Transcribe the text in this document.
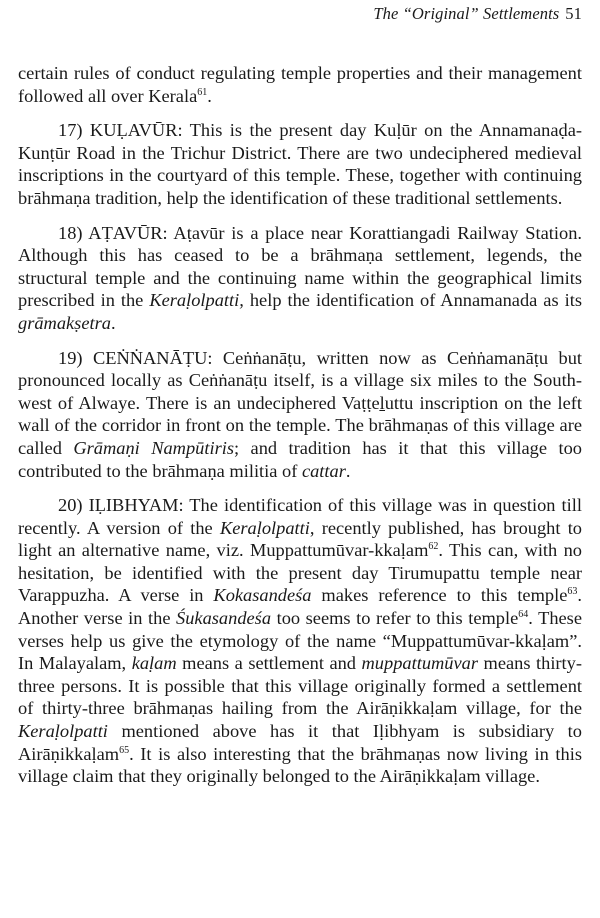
The “Original” Settlements 51

certain rules of conduct regulating temple properties and their management followed all over Kerala$^{61}$.

17) KUḶAVŪR: This is the present day Kuḷūr on the Annamanaḍa-Kunṭūr Road in the Trichur District. There are two undeciphered medieval inscriptions in the courtyard of this temple. These, together with continuing brāhmaṇa tradition, help the identification of these traditional settlements.

18) AṬAVŪR: Aṭavūr is a place near Korattiangadi Railway Station. Although this has ceased to be a brāhmaṇa settlement, legends, the structural temple and the continuing name within the geographical limits prescribed in the Keraḷolpatti, help the identification of Annamanada as its grāmakṣetra.

19) CEṄṄANĀṬU: Ceṅṅanāṭu, written now as Ceṅṅamanāṭu but pronounced locally as Ceṅṅanāṭu itself, is a village six miles to the South-west of Alwaye. There is an undeciphered Vaṭṭeḻuttu inscription on the left wall of the corridor in front on the temple. The brāhmaṇas of this village are called Grāmaṇi Nampūtiris; and tradition has it that this village too contributed to the brāhmaṇa militia of cattar.

20) IḶIBHYAM: The identification of this village was in question till recently. A version of the Keraḷolpatti, recently published, has brought to light an alternative name, viz. Muppattumūvar-kkaḷam$^{62}$. This can, with no hesitation, be identified with the present day Tirumupattu temple near Varappuzha. A verse in Kokasandeśa makes reference to this temple$^{63}$. Another verse in the Śukasandeśa too seems to refer to this temple$^{64}$. These verses help us give the etymology of the name “Muppattumūvar-kkaḷam”. In Malayalam, kaḷam means a settlement and muppattumūvar means thirty-three persons. It is possible that this village originally formed a settlement of thirty-three brāhmaṇas hailing from the Airāṇikkaḷam village, for the Keraḷolpatti mentioned above has it that Iḷibhyam is subsidiary to Airāṇikkaḷam$^{65}$. It is also interesting that the brāhmaṇas now living in this village claim that they originally belonged to the Airāṇikkaḷam village.
